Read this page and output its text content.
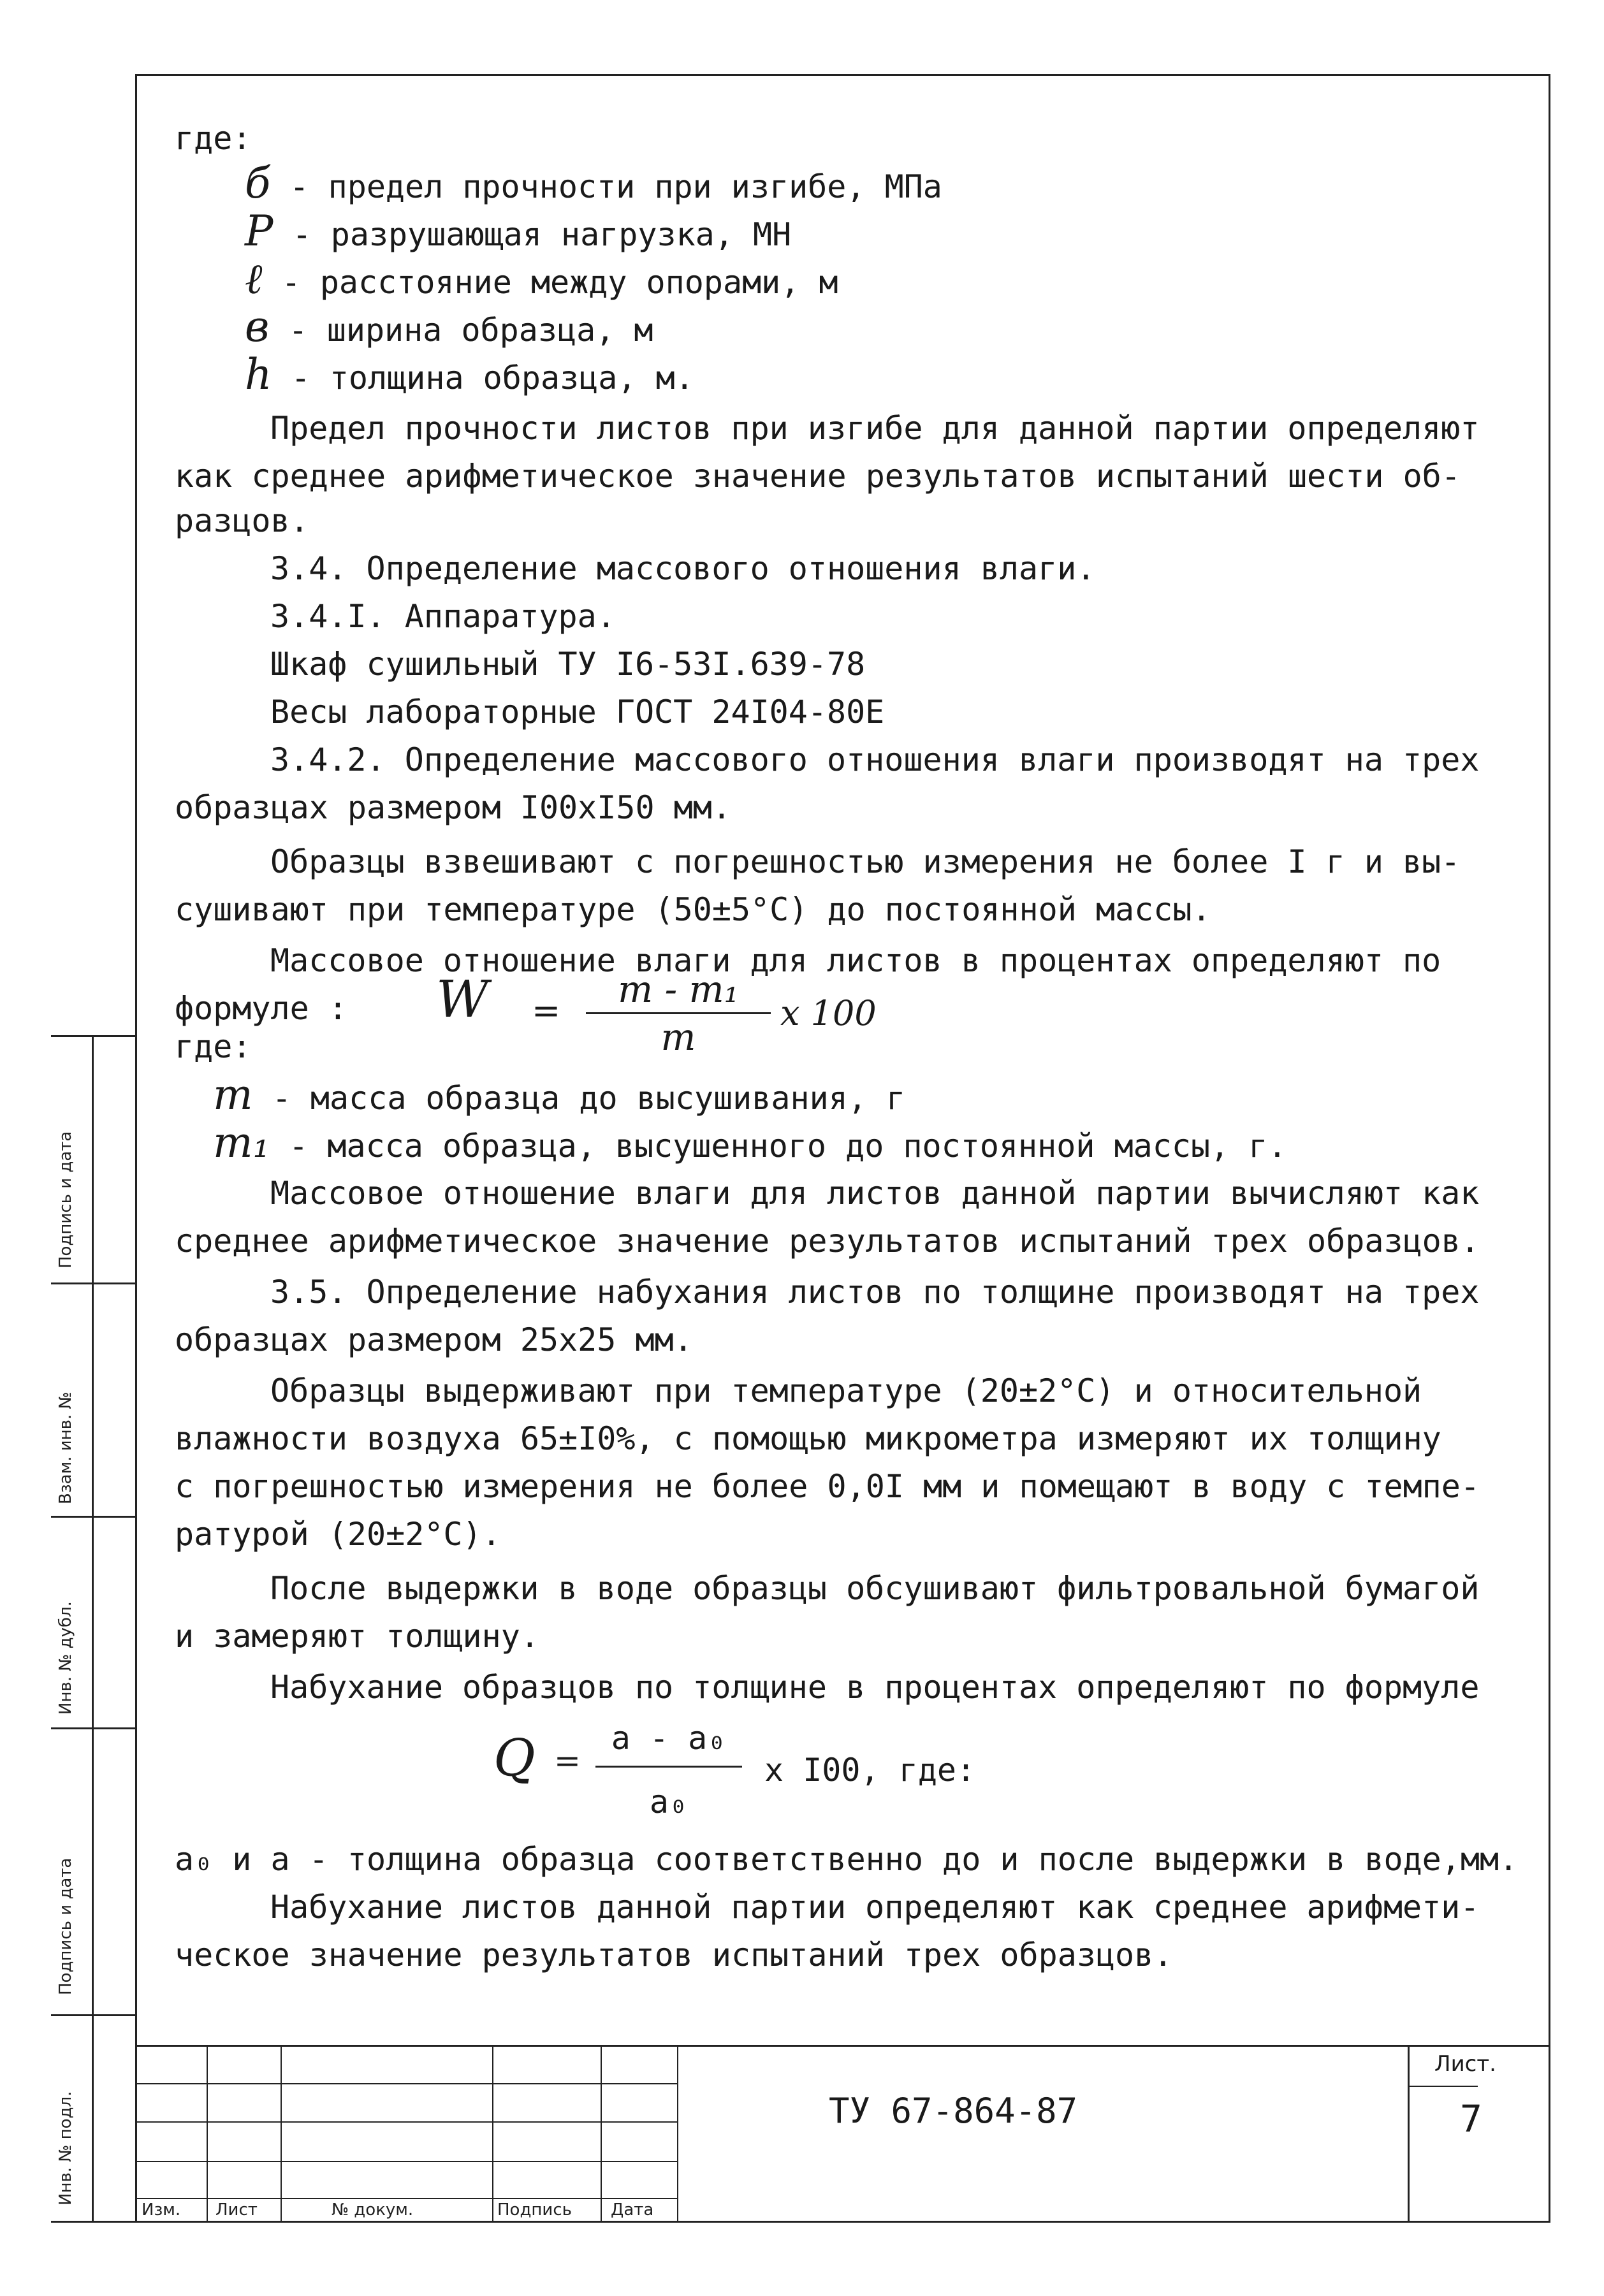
Подпись и дата
Взам. инв. №
Инв. № дубл.
Подпись и дата
Инв. № подл.
где:
б - предел прочности при изгибе, МПа
P - разрушающая нагрузка, МН
ℓ - расстояние между опорами, м
в - ширина образца, м
h - толщина образца, м.
Предел прочности листов при изгибе для данной партии определяют
как среднее арифметическое значение результатов испытаний шести об-
разцов.
3.4. Определение массового отношения влаги.
3.4.I. Аппаратура.
Шкаф сушильный ТУ I6-53I.639-78
Весы лабораторные ГОСТ 24I04-80Е
3.4.2. Определение массового отношения влаги производят на трех
образцах размером I00xI50 мм.
Образцы взвешивают с погрешностью измерения не более I г и вы-
сушивают при температуре (50±5°С) до постоянной массы.
Массовое отношение влаги для листов в процентах определяют по
формуле :
где:
W =	m - m₁
m
x 100
m - масса образца до высушивания, г
m₁ - масса образца, высушенного до постоянной массы, г.
Массовое отношение влаги для листов данной партии вычисляют как
среднее арифметическое значение результатов испытаний трех образцов.
3.5. Определение набухания листов по толщине производят на трех
образцах размером 25x25 мм.
Образцы выдерживают при температуре (20±2°С) и относительной
влажности воздуха 65±I0%, с помощью микрометра измеряют их толщину
с погрешностью измерения не более 0,0I мм и помещают в воду с темпе-
ратурой (20±2°С).
После выдержки в воде образцы обсушивают фильтровальной бумагой
и замеряют толщину.
Набухание образцов по толщине в процентах определяют по формуле
Q =
a - a₀
a₀
x I00, где:
a₀ и a - толщина образца соответственно до и после выдержки в воде,мм.
Набухание листов данной партии определяют как среднее арифмети-
ческое значение результатов испытаний трех образцов.
Изм. Лист	№ докум.	Подпись Дата
ТУ 67-864-87
Лист.
7
